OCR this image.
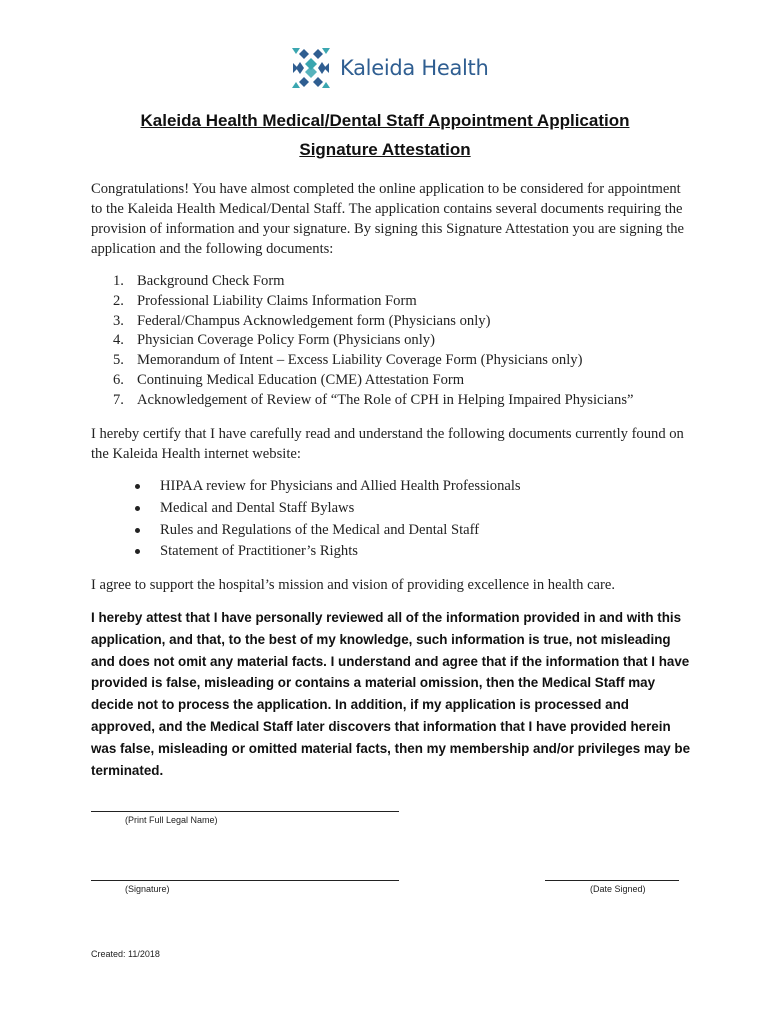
Kaleida Health
Kaleida Health Medical/Dental Staff Appointment Application
Signature Attestation
Congratulations! You have almost completed the online application to be considered for appointment to the Kaleida Health Medical/Dental Staff. The application contains several documents requiring the provision of information and your signature. By signing this Signature Attestation you are signing the application and the following documents:
1. Background Check Form
2. Professional Liability Claims Information Form
3. Federal/Champus Acknowledgement form (Physicians only)
4. Physician Coverage Policy Form (Physicians only)
5. Memorandum of Intent – Excess Liability Coverage Form (Physicians only)
6. Continuing Medical Education (CME) Attestation Form
7. Acknowledgement of Review of “The Role of CPH in Helping Impaired Physicians”
I hereby certify that I have carefully read and understand the following documents currently found on the Kaleida Health internet website:
HIPAA review for Physicians and Allied Health Professionals
Medical and Dental Staff Bylaws
Rules and Regulations of the Medical and Dental Staff
Statement of Practitioner’s Rights
I agree to support the hospital’s mission and vision of providing excellence in health care.
I hereby attest that I have personally reviewed all of the information provided in and with this application, and that, to the best of my knowledge, such information is true, not misleading and does not omit any material facts. I understand and agree that if the information that I have provided is false, misleading or contains a material omission, then the Medical Staff may decide not to process the application. In addition, if my application is processed and approved, and the Medical Staff later discovers that information that I have provided herein was false, misleading or omitted material facts, then my membership and/or privileges may be terminated.
(Print Full Legal Name)
(Signature)	(Date Signed)
Created: 11/2018
